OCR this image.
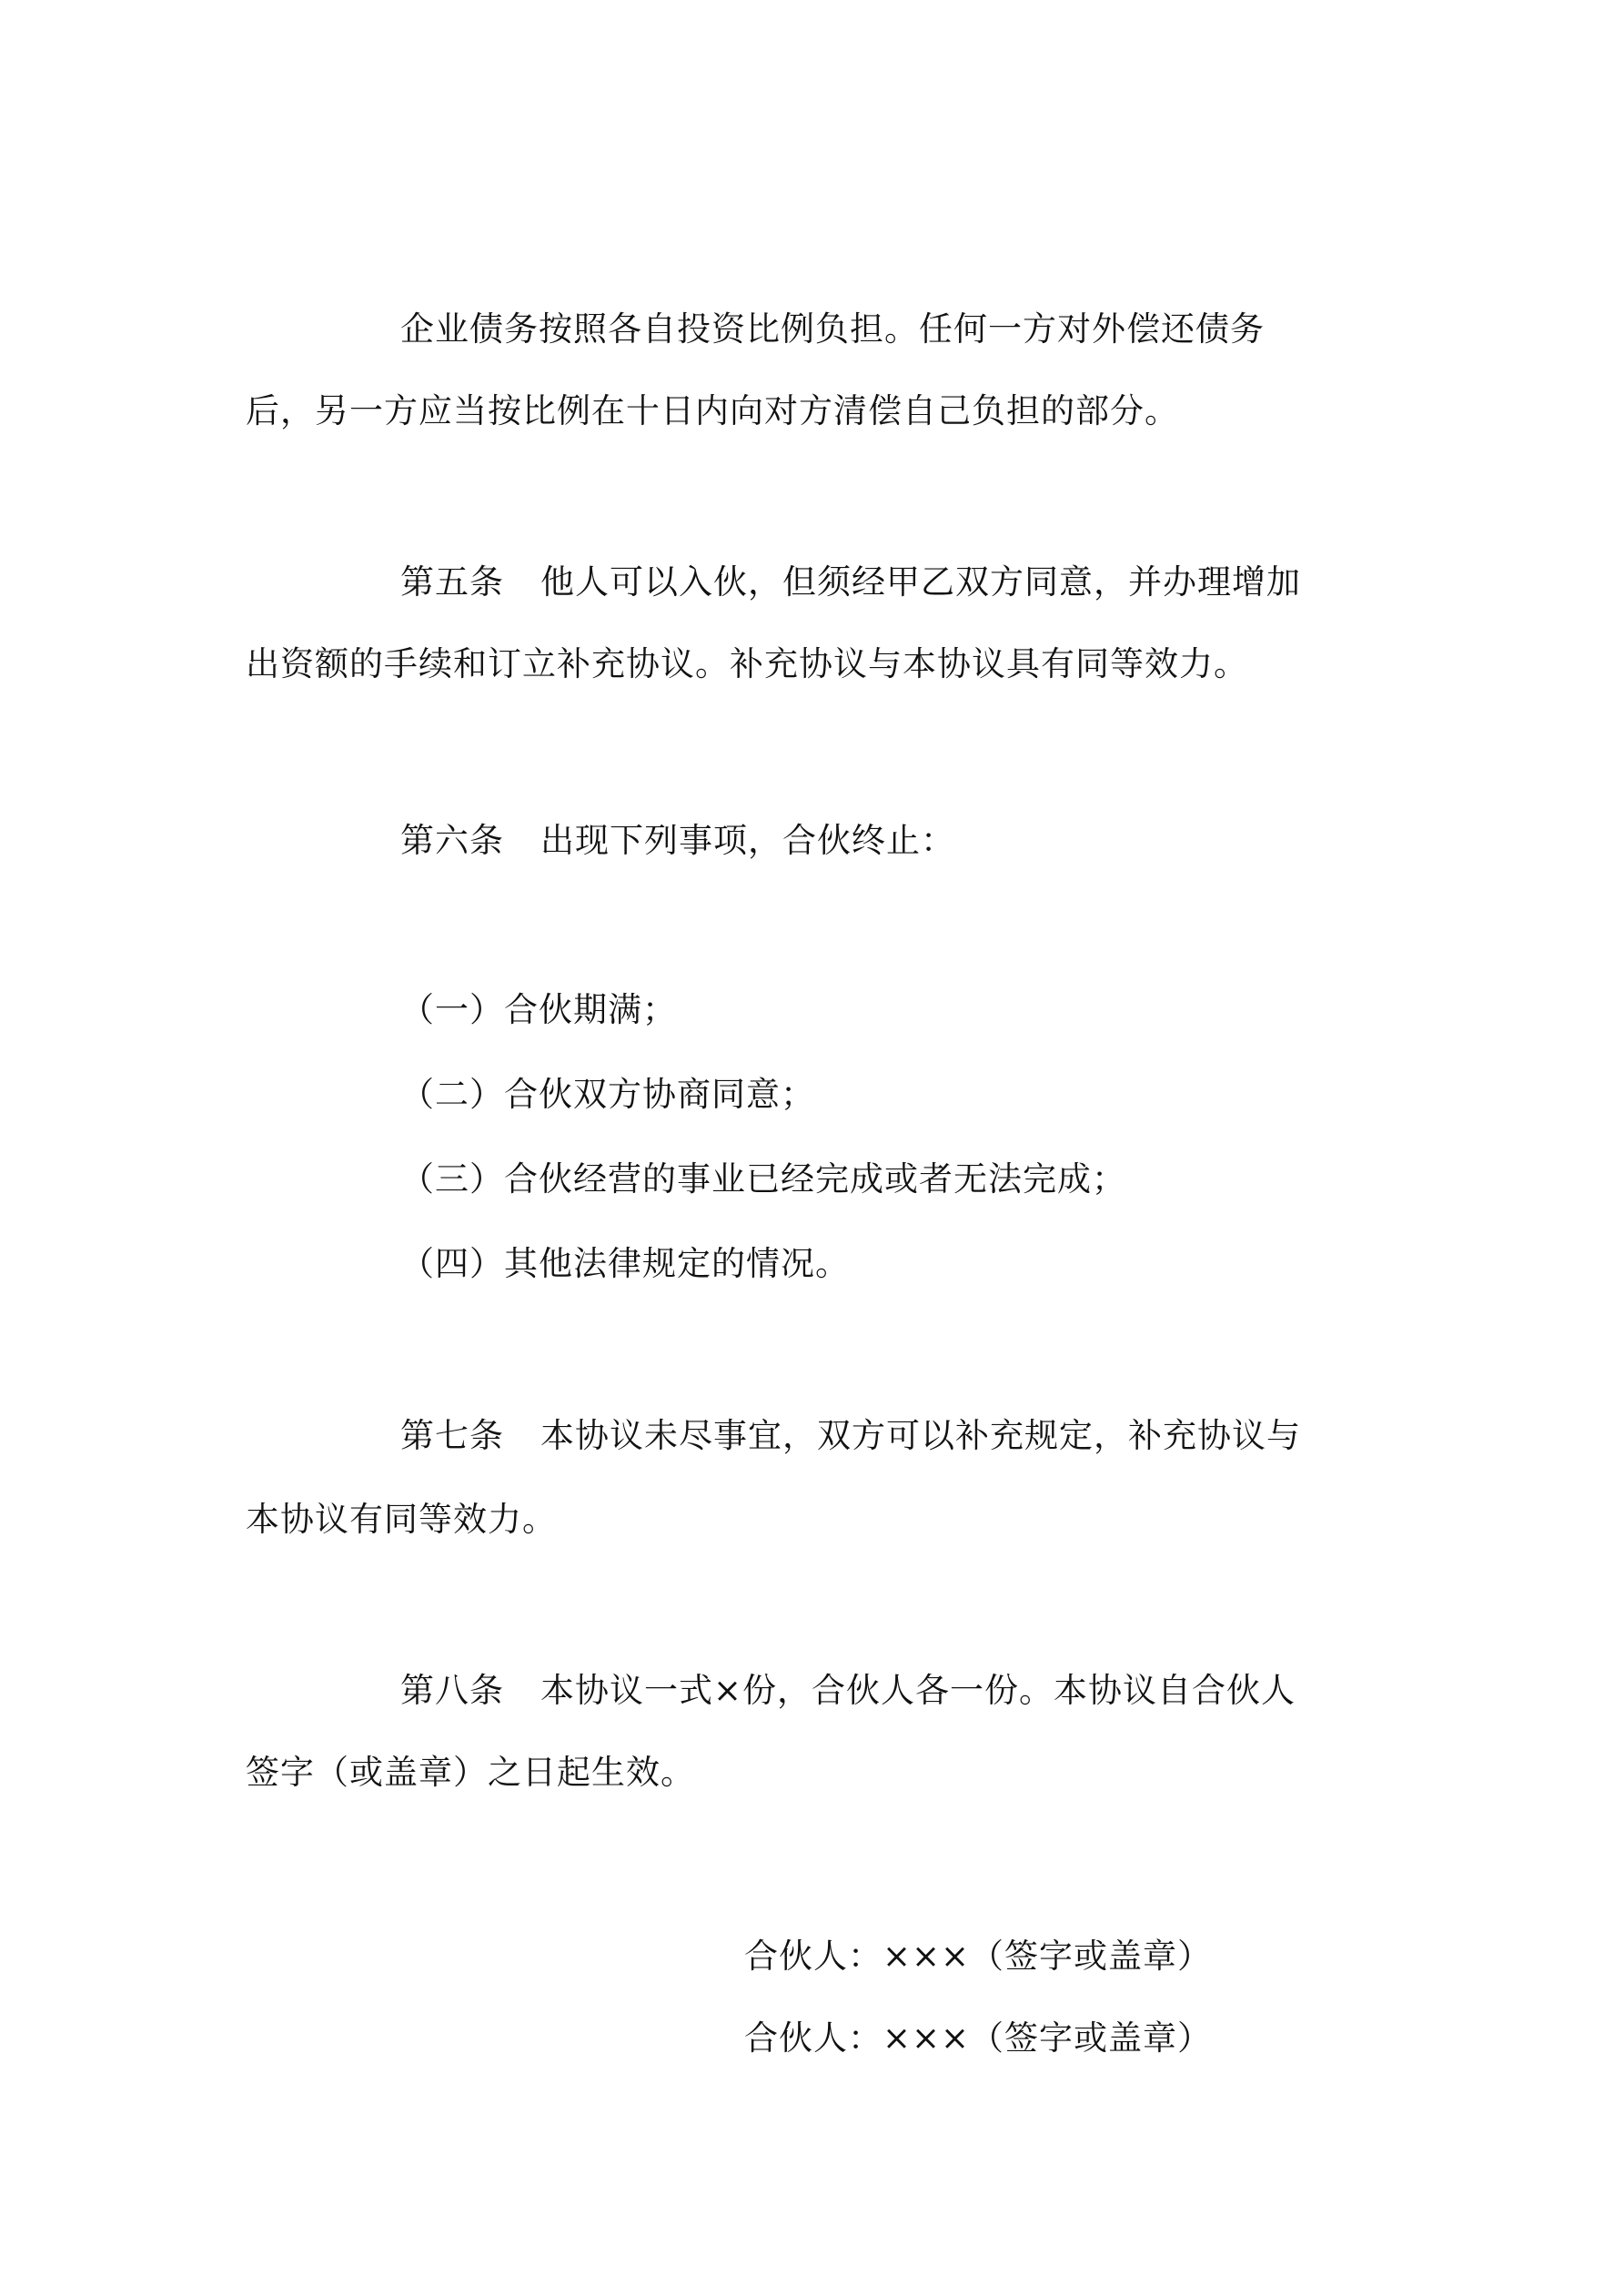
企业债务按照各自投资比例负担。任何一方对外偿还债务
后，另一方应当按比例在十日内向对方清偿自己负担的部分。
第五条 他人可以入伙，但须经甲乙双方同意，并办理增加
出资额的手续和订立补充协议。补充协议与本协议具有同等效力。
第六条 出现下列事项，合伙终止：
（一）合伙期满；
（二）合伙双方协商同意；
（三）合伙经营的事业已经完成或者无法完成；
（四）其他法律规定的情况。
第七条 本协议未尽事宜，双方可以补充规定，补充协议与
本协议有同等效力。
第八条 本协议一式×份，合伙人各一份。本协议自合伙人
签字（或盖章）之日起生效。
合伙人：×××（签字或盖章）
合伙人：×××（签字或盖章）
